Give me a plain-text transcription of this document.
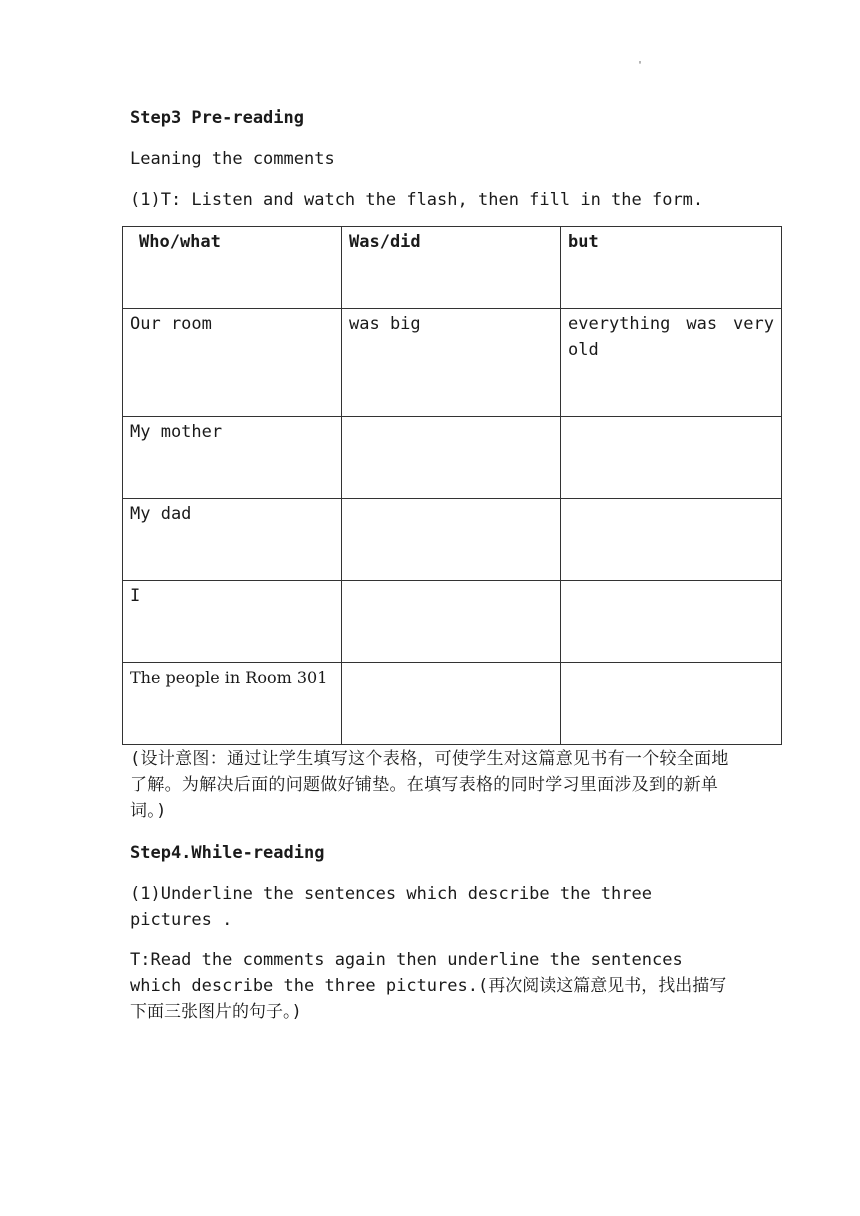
'

Step3 Pre-reading

Leaning the comments

(1)T: Listen and watch the flash, then fill in the form.

Who/what	Was/did	but
Our room	was big	everything was very old
My mother		
My dad		
I		
The people in Room 301		

(设计意图：通过让学生填写这个表格，可使学生对这篇意见书有一个较全面地了解。为解决后面的问题做好铺垫。在填写表格的同时学习里面涉及到的新单词。)

Step4.While-reading

(1)Underline the sentences which describe the three pictures .

T:Read the comments again then underline the sentences which describe the three pictures.(再次阅读这篇意见书，找出描写下面三张图片的句子。)
